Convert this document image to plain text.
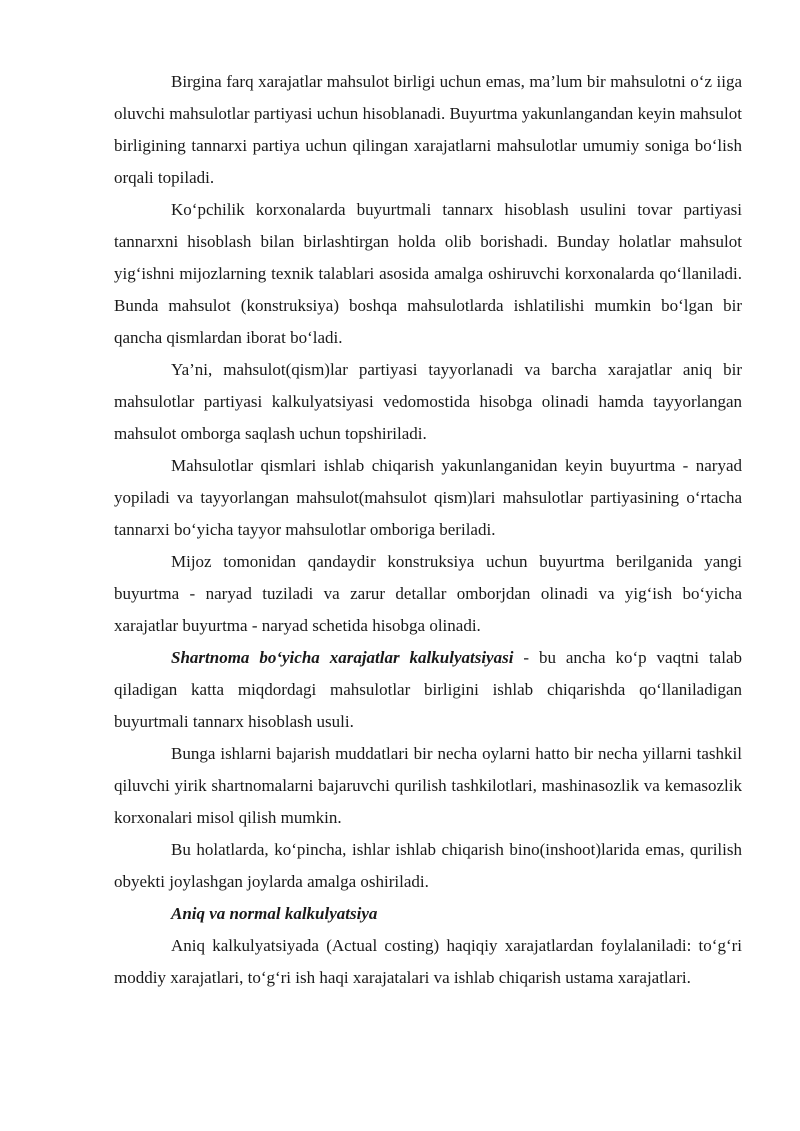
Birgina farq xarajatlar mahsulot birligi uchun emas, ma’lum bir mahsulotni o‘z iiga oluvchi mahsulotlar partiyasi uchun hisoblanadi. Buyurtma yakunlangandan keyin mahsulot birligining tannarxi partiya uchun qilingan xarajatlarni mahsulotlar umumiy soniga bo‘lish orqali topiladi.

Ko‘pchilik korxonalarda buyurtmali tannarx hisoblash usulini tovar partiyasi tannarxni hisoblash bilan birlashtirgan holda olib borishadi. Bunday holatlar mahsulot yig‘ishni mijozlarning texnik talablari asosida amalga oshiruvchi korxonalarda qo‘llaniladi. Bunda mahsulot (konstruksiya) boshqa mahsulotlarda ishlatilishi mumkin bo‘lgan bir qancha qismlardan iborat bo‘ladi.

Ya’ni, mahsulot(qism)lar partiyasi tayyorlanadi va barcha xarajatlar aniq bir mahsulotlar partiyasi kalkulyatsiyasi vedomostida hisobga olinadi hamda tayyorlangan mahsulot omborga saqlash uchun topshiriladi.

Mahsulotlar qismlari ishlab chiqarish yakunlanganidan keyin buyurtma - naryad yopiladi va tayyorlangan mahsulot(mahsulot qism)lari mahsulotlar partiyasining o‘rtacha tannarxi bo‘yicha tayyor mahsulotlar omboriga beriladi.

Mijoz tomonidan qandaydir konstruksiya uchun buyurtma berilganida yangi buyurtma - naryad tuziladi va zarur detallar omborjdan olinadi va yig‘ish bo‘yicha xarajatlar buyurtma - naryad schetida hisobga olinadi.

Shartnoma bo‘yicha xarajatlar kalkulyatsiyasi - bu ancha ko‘p vaqtni talab qiladigan katta miqdordagi mahsulotlar birligini ishlab chiqarishda qo‘llaniladigan buyurtmali tannarx hisoblash usuli.

Bunga ishlarni bajarish muddatlari bir necha oylarni hatto bir necha yillarni tashkil qiluvchi yirik shartnomalarni bajaruvchi qurilish tashkilotlari, mashinasozlik va kemasozlik korxonalari misol qilish mumkin.

Bu holatlarda, ko‘pincha, ishlar ishlab chiqarish bino(inshoot)larida emas, qurilish obyekti joylashgan joylarda amalga oshiriladi.

Aniq va normal kalkulyatsiya

Aniq kalkulyatsiyada (Actual costing) haqiqiy xarajatlardan foylalaniladi: to‘g‘ri moddiy xarajatlari, to‘g‘ri ish haqi xarajatalari va ishlab chiqarish ustama xarajatlari.
